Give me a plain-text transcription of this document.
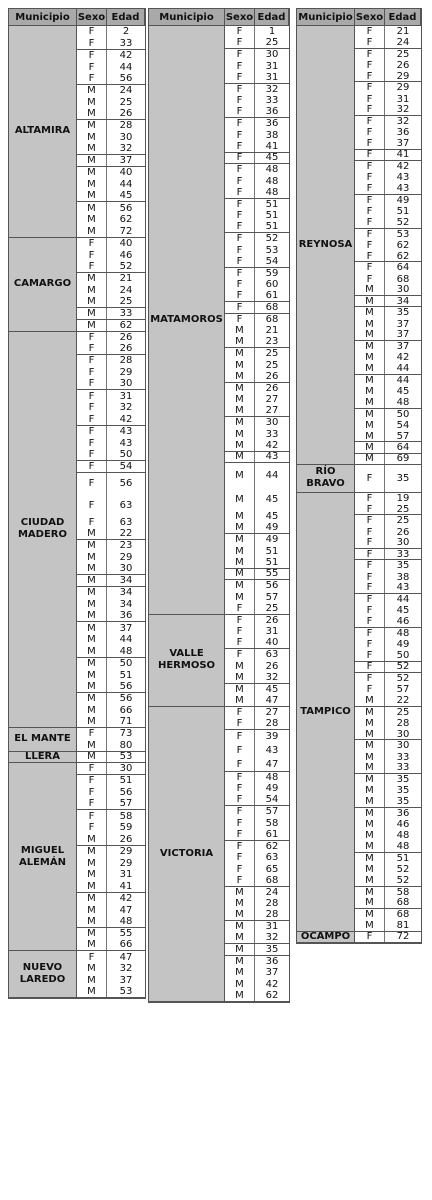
Municipio Sexo Edad
ALTAMIRA
F	2
F	33
F	42
F	44
F	56
M	24
M	25
M	26
M	28
M	30
M	32
M	37
M	40
M	44
M	45
M	56
M	62
M	72
CAMARGO
F	40
F	46
F	52
M	21
M	24
M	25
M	33
M	62
CIUDAD
MADERO
F	26
F	26
F	28
F	29
F	30
F	31
F	32
F	42
F	43
F	43
F	50
F	54
F	56
F	63
F	63
M	22
M	23
M	29
M	30
M	34
M	34
M	34
M	36
M	37
M	44
M	48
M	50
M	51
M	56
M	56
M	66
M	71
EL MANTE	F	73
M	80
LLERA	M	53
MIGUEL
ALEMÁN
F	30
F	51
F	56
F	57
F	58
F	59
M	26
M	29
M	29
M	31
M	41
M	42
M	47
M	48
M	55
M	66
NUEVO
LAREDO
F	47
M	32
M	37
M	53
Municipio	Sexo Edad
MATAMOROS
F	1
F	25
F	30
F	31
F	31
F	32
F	33
F	36
F	36
F	38
F	41
F	45
F	48
F	48
F	48
F	51
F	51
F	51
F	52
F	53
F	54
F	59
F	60
F	61
F	68
F	68
M	21
M	23
M	25
M	25
M	26
M	26
M	27
M	27
M	30
M	33
M	42
M	43
M	44
M	45
M	45
M	49
M	49
M	51
M	51
M	55
M	56
M	57
F	25
VALLE
HERMOSO
F	26
F	31
F	40
F	63
M	26
M	32
M	45
M	47
VICTORIA
F	27
F	28
F	39
F	43
F	47
F	48
F	49
F	54
F	57
F	58
F	61
F	62
F	63
F	65
F	68
M	24
M	28
M	28
M	31
M	32
M	35
M	36
M	37
M	42
M	62
Municipio Sexo Edad
REYNOSA
F	21
F	24
F	25
F	26
F	29
F	29
F	31
F	32
F	32
F	36
F	37
F	41
F	42
F	43
F	43
F	49
F	51
F	52
F	53
F	62
F	62
F	64
F	68
M	30
M	34
M	35
M	37
M	37
M	37
M	42
M	44
M	44
M	45
M	48
M	50
M	54
M	57
M	64
M	69
RÍO
BRAVO	F	35
TAMPICO
F	19
F	25
F	25
F	26
F	30
F	33
F	35
F	38
F	43
F	44
F	45
F	46
F	48
F	49
F	50
F	52
F	52
F	57
M	22
M	25
M	28
M	30
M	30
M	33
M	33
M	35
M	35
M	35
M	36
M	46
M	48
M	48
M	51
M	52
M	52
M	58
M	68
M	68
M	81
OCAMPO	F	72
